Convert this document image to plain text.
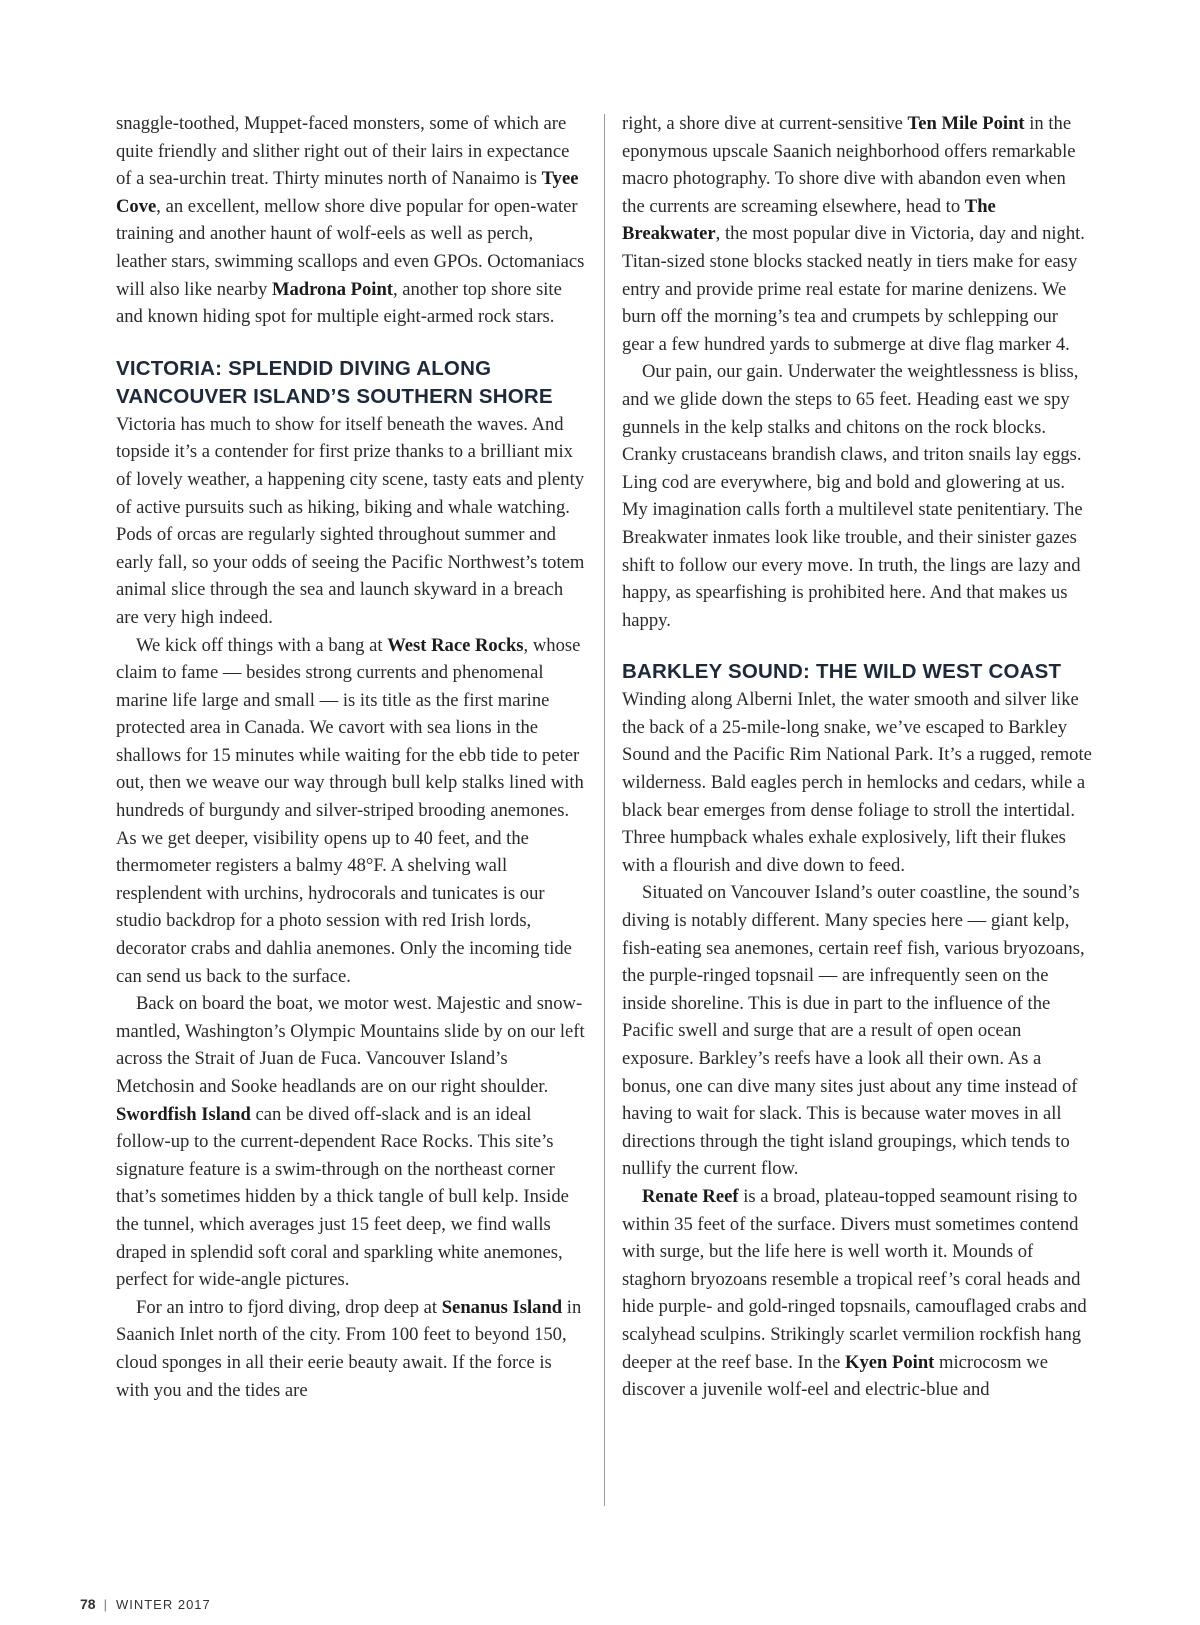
snaggle-toothed, Muppet-faced monsters, some of which are quite friendly and slither right out of their lairs in expectance of a sea-urchin treat. Thirty minutes north of Nanaimo is Tyee Cove, an excellent, mellow shore dive popular for open-water training and another haunt of wolf-eels as well as perch, leather stars, swimming scallops and even GPOs. Octomaniacs will also like nearby Madrona Point, another top shore site and known hiding spot for multiple eight-armed rock stars.

VICTORIA: SPLENDID DIVING ALONG
VANCOUVER ISLAND’S SOUTHERN SHORE

Victoria has much to show for itself beneath the waves. And topside it’s a contender for first prize thanks to a brilliant mix of lovely weather, a happening city scene, tasty eats and plenty of active pursuits such as hiking, biking and whale watching. Pods of orcas are regularly sighted throughout summer and early fall, so your odds of seeing the Pacific Northwest’s totem animal slice through the sea and launch skyward in a breach are very high indeed.

We kick off things with a bang at West Race Rocks, whose claim to fame — besides strong currents and phenomenal marine life large and small — is its title as the first marine protected area in Canada. We cavort with sea lions in the shallows for 15 minutes while waiting for the ebb tide to peter out, then we weave our way through bull kelp stalks lined with hundreds of burgundy and silver-striped brooding anemones. As we get deeper, visibility opens up to 40 feet, and the thermometer registers a balmy 48°F. A shelving wall resplendent with urchins, hydrocorals and tunicates is our studio backdrop for a photo session with red Irish lords, decorator crabs and dahlia anemones. Only the incoming tide can send us back to the surface.

Back on board the boat, we motor west. Majestic and snow-mantled, Washington’s Olympic Mountains slide by on our left across the Strait of Juan de Fuca. Vancouver Island’s Metchosin and Sooke headlands are on our right shoulder. Swordfish Island can be dived off-slack and is an ideal follow-up to the current-dependent Race Rocks. This site’s signature feature is a swim-through on the northeast corner that’s sometimes hidden by a thick tangle of bull kelp. Inside the tunnel, which averages just 15 feet deep, we find walls draped in splendid soft coral and sparkling white anemones, perfect for wide-angle pictures.

For an intro to fjord diving, drop deep at Senanus Island in Saanich Inlet north of the city. From 100 feet to beyond 150, cloud sponges in all their eerie beauty await. If the force is with you and the tides are

right, a shore dive at current-sensitive Ten Mile Point in the eponymous upscale Saanich neighborhood offers remarkable macro photography. To shore dive with abandon even when the currents are screaming elsewhere, head to The Breakwater, the most popular dive in Victoria, day and night. Titan-sized stone blocks stacked neatly in tiers make for easy entry and provide prime real estate for marine denizens. We burn off the morning’s tea and crumpets by schlepping our gear a few hundred yards to submerge at dive flag marker 4.

Our pain, our gain. Underwater the weightlessness is bliss, and we glide down the steps to 65 feet. Heading east we spy gunnels in the kelp stalks and chitons on the rock blocks. Cranky crustaceans brandish claws, and triton snails lay eggs. Ling cod are everywhere, big and bold and glowering at us. My imagination calls forth a multilevel state penitentiary. The Breakwater inmates look like trouble, and their sinister gazes shift to follow our every move. In truth, the lings are lazy and happy, as spearfishing is prohibited here. And that makes us happy.

BARKLEY SOUND: THE WILD WEST COAST

Winding along Alberni Inlet, the water smooth and silver like the back of a 25-mile-long snake, we’ve escaped to Barkley Sound and the Pacific Rim National Park. It’s a rugged, remote wilderness. Bald eagles perch in hemlocks and cedars, while a black bear emerges from dense foliage to stroll the intertidal. Three humpback whales exhale explosively, lift their flukes with a flourish and dive down to feed.

Situated on Vancouver Island’s outer coastline, the sound’s diving is notably different. Many species here — giant kelp, fish-eating sea anemones, certain reef fish, various bryozoans, the purple-ringed topsnail — are infrequently seen on the inside shoreline. This is due in part to the influence of the Pacific swell and surge that are a result of open ocean exposure. Barkley’s reefs have a look all their own. As a bonus, one can dive many sites just about any time instead of having to wait for slack. This is because water moves in all directions through the tight island groupings, which tends to nullify the current flow.

Renate Reef is a broad, plateau-topped seamount rising to within 35 feet of the surface. Divers must sometimes contend with surge, but the life here is well worth it. Mounds of staghorn bryozoans resemble a tropical reef’s coral heads and hide purple- and gold-ringed topsnails, camouflaged crabs and scalyhead sculpins. Strikingly scarlet vermilion rockfish hang deeper at the reef base. In the Kyen Point microcosm we discover a juvenile wolf-eel and electric-blue and

78 | WINTER 2017
